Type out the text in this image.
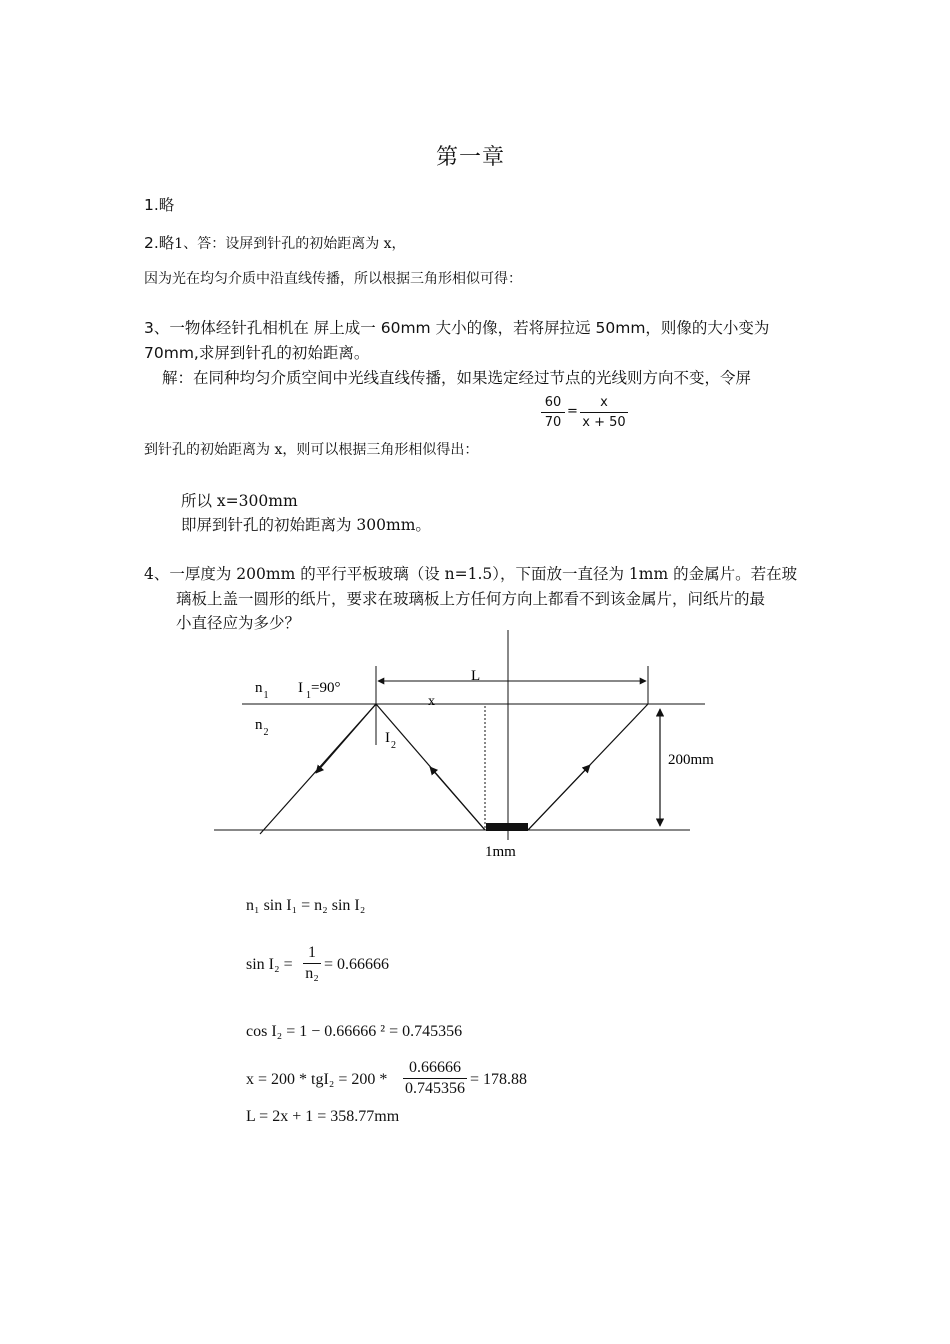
第一章
1.略
2.略1、答：设屏到针孔的初始距离为 x，
因为光在均匀介质中沿直线传播，所以根据三角形相似可得：
3、一物体经针孔相机在 屏上成一 60mm 大小的像，若将屏拉远 50mm，则像的大小变为
70mm,求屏到针孔的初始距离。
解：在同种均匀介质空间中光线直线传播，如果选定经过节点的光线则方向不变，令屏
60
70
=
x
x + 50
到针孔的初始距离为 x，则可以根据三角形相似得出：
所以 x=300mm
即屏到针孔的初始距离为 300mm。
4、一厚度为 200mm 的平行平板玻璃（设 n=1.5），下面放一直径为 1mm 的金属片。若在玻
璃板上盖一圆形的纸片，要求在玻璃板上方任何方向上都看不到该金属片，问纸片的最
小直径应为多少？
$n_1$ I $_1$=90°
L
x
$n_2$	$I_2$
200mm
1mm
n₁ sin I₁ = n₂ sin I₂
sin I₂ =
1
n₂
= 0.66666
cos I₂ = 1 − 0.66666 ² = 0.745356
x = 200 * tgI₂ = 200 *
0.66666
0.745356
= 178.88
L = 2x + 1 = 358.77mm
